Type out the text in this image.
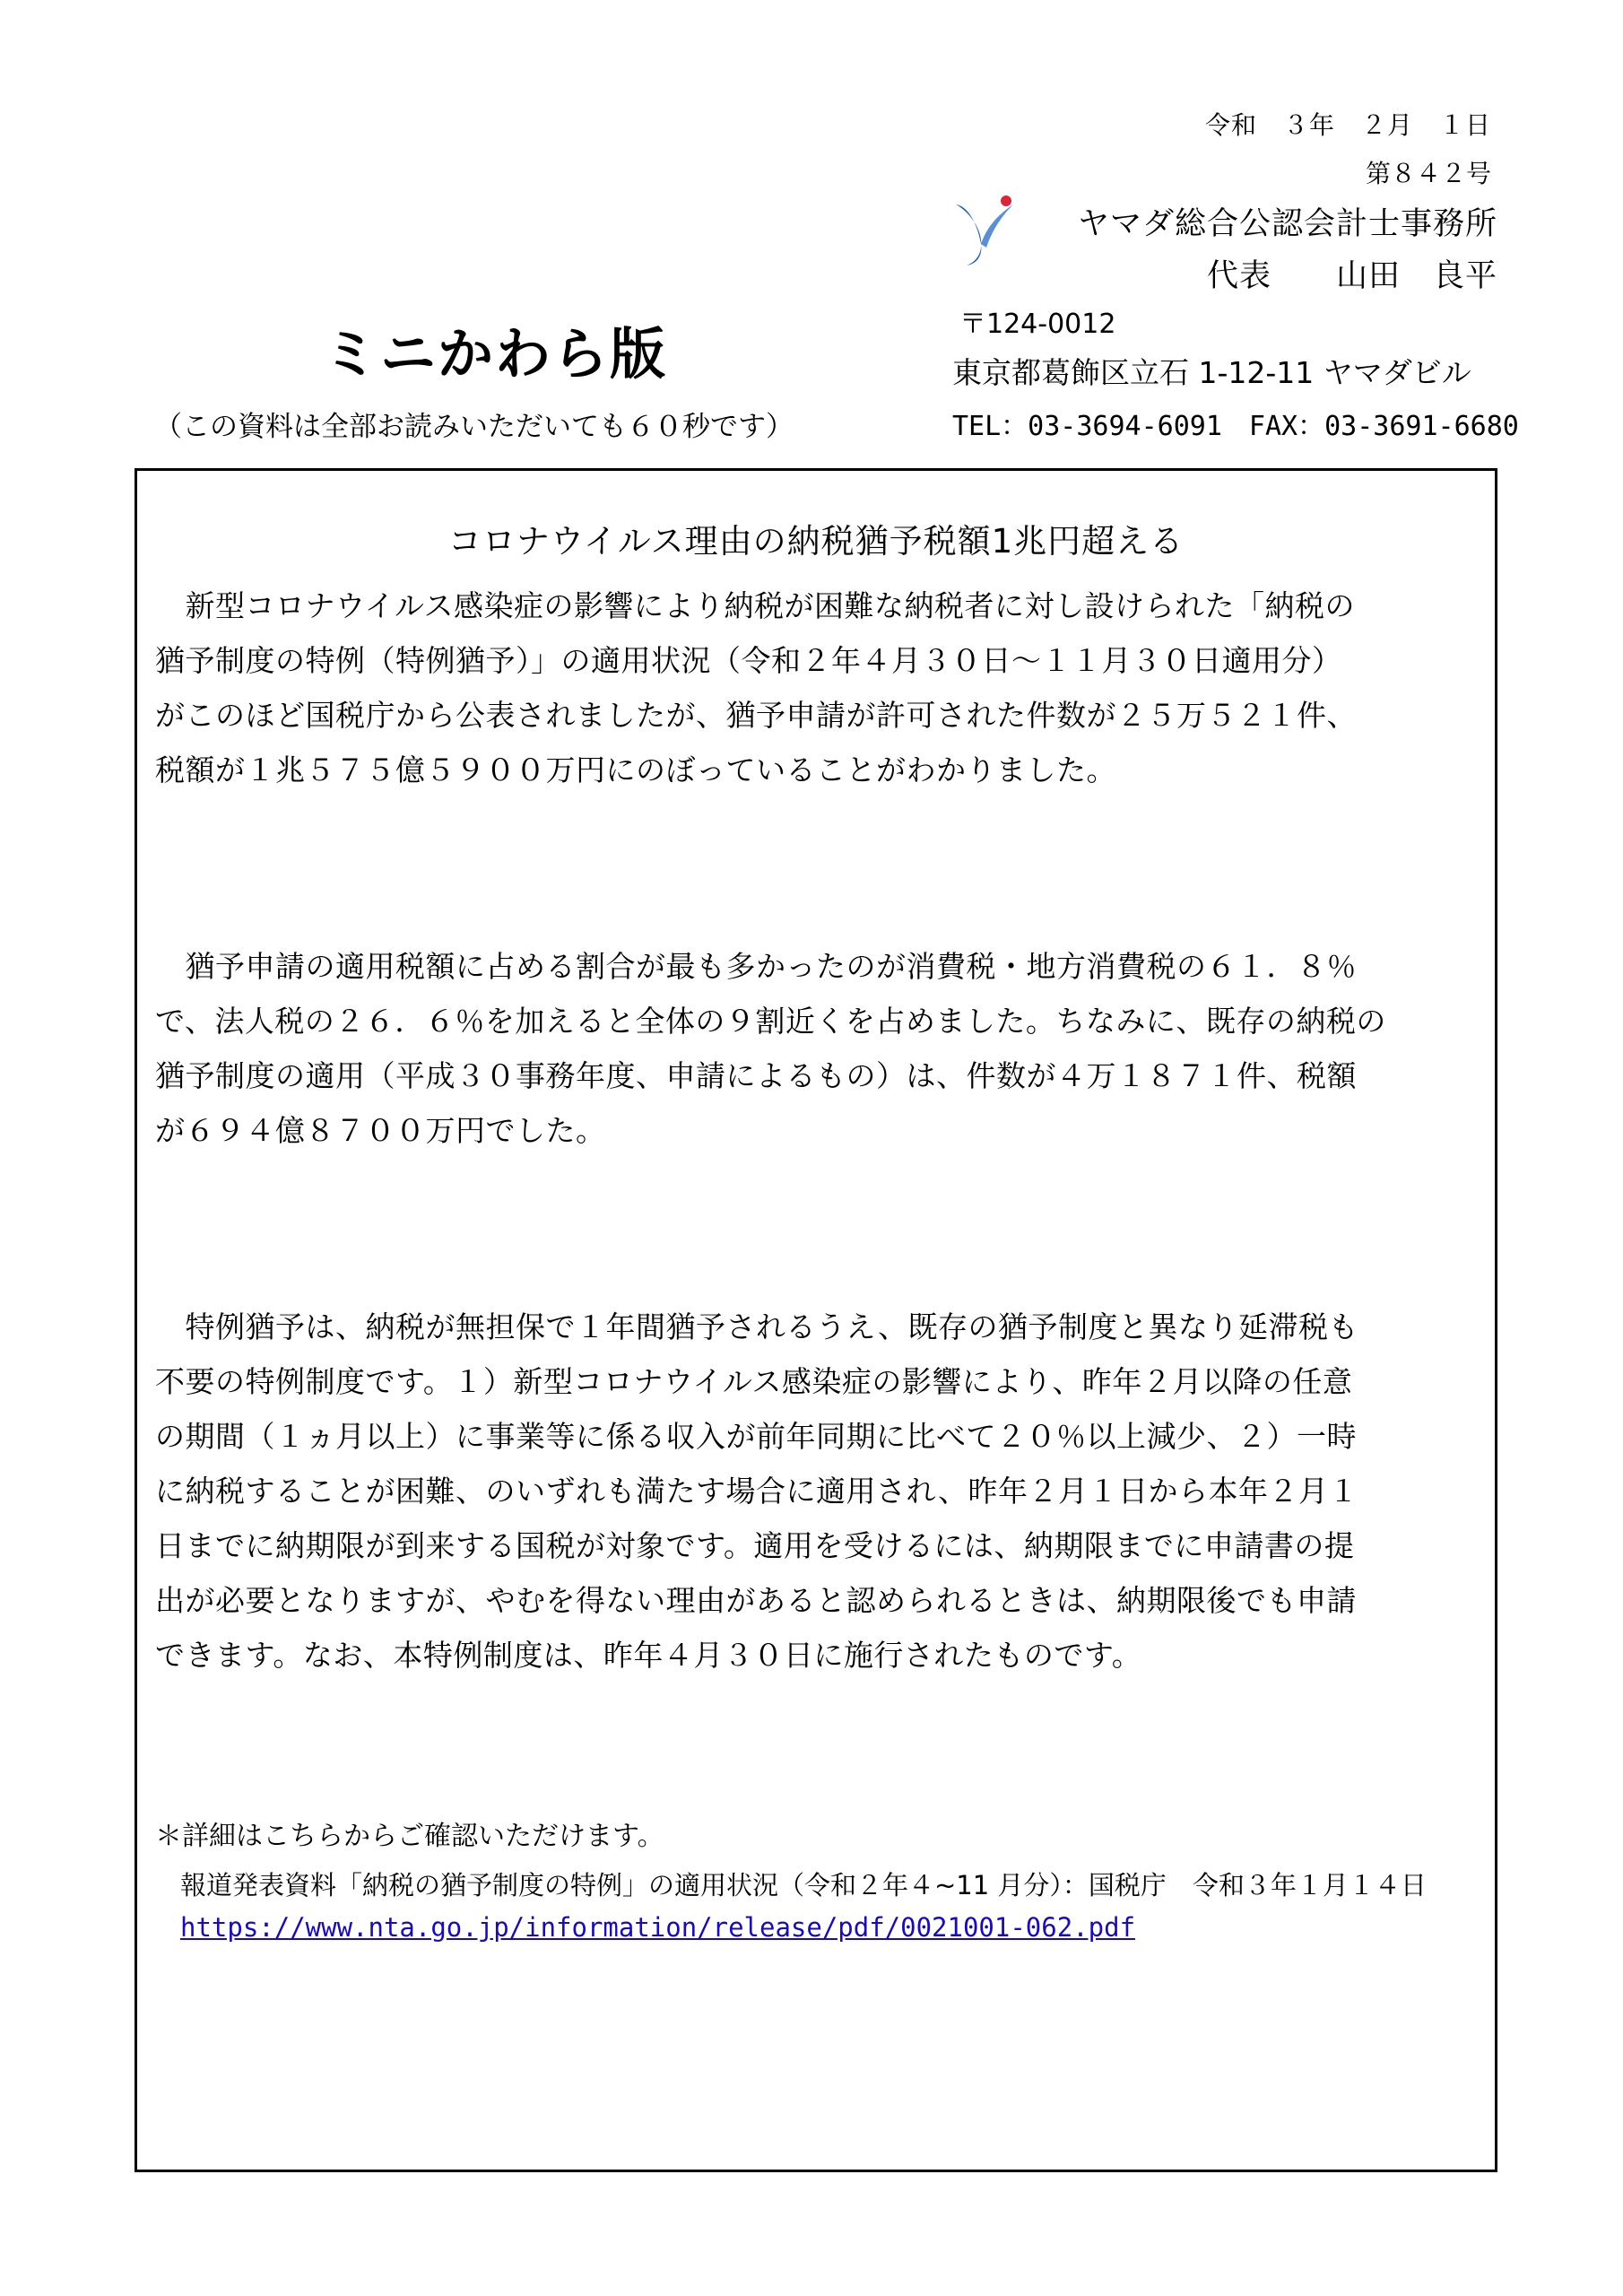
令和　３年　２月　１日
第８４２号
ヤマダ総合公認会計士事務所
代表　　山田　良平
〒124-0012
東京都葛飾区立石 1-12-11 ヤマダビル
TEL：03-3694-6091　FAX：03-3691-6680
ミニかわら版
（この資料は全部お読みいただいても６０秒です）
コロナウイルス理由の納税猶予税額1兆円超える
　新型コロナウイルス感染症の影響により納税が困難な納税者に対し設けられた「納税の
猶予制度の特例（特例猶予）」の適用状況（令和２年４月３０日～１１月３０日適用分）
がこのほど国税庁から公表されましたが、猶予申請が許可された件数が２５万５２１件、
税額が１兆５７５億５９００万円にのぼっていることがわかりました。
　猶予申請の適用税額に占める割合が最も多かったのが消費税・地方消費税の６１．８％
で、法人税の２６．６％を加えると全体の９割近くを占めました。ちなみに、既存の納税の
猶予制度の適用（平成３０事務年度、申請によるもの）は、件数が４万１８７１件、税額
が６９４億８７００万円でした。
　特例猶予は、納税が無担保で１年間猶予されるうえ、既存の猶予制度と異なり延滞税も
不要の特例制度です。１）新型コロナウイルス感染症の影響により、昨年２月以降の任意
の期間（１ヵ月以上）に事業等に係る収入が前年同期に比べて２０％以上減少、２）一時
に納税することが困難、のいずれも満たす場合に適用され、昨年２月１日から本年２月１
日までに納期限が到来する国税が対象です。適用を受けるには、納期限までに申請書の提
出が必要となりますが、やむを得ない理由があると認められるときは、納期限後でも申請
できます。なお、本特例制度は、昨年４月３０日に施行されたものです。
＊詳細はこちらからご確認いただけます。
報道発表資料「納税の猶予制度の特例」の適用状況（令和２年４~11 月分）：国税庁　令和３年１月１４日
https://www.nta.go.jp/information/release/pdf/0021001-062.pdf
